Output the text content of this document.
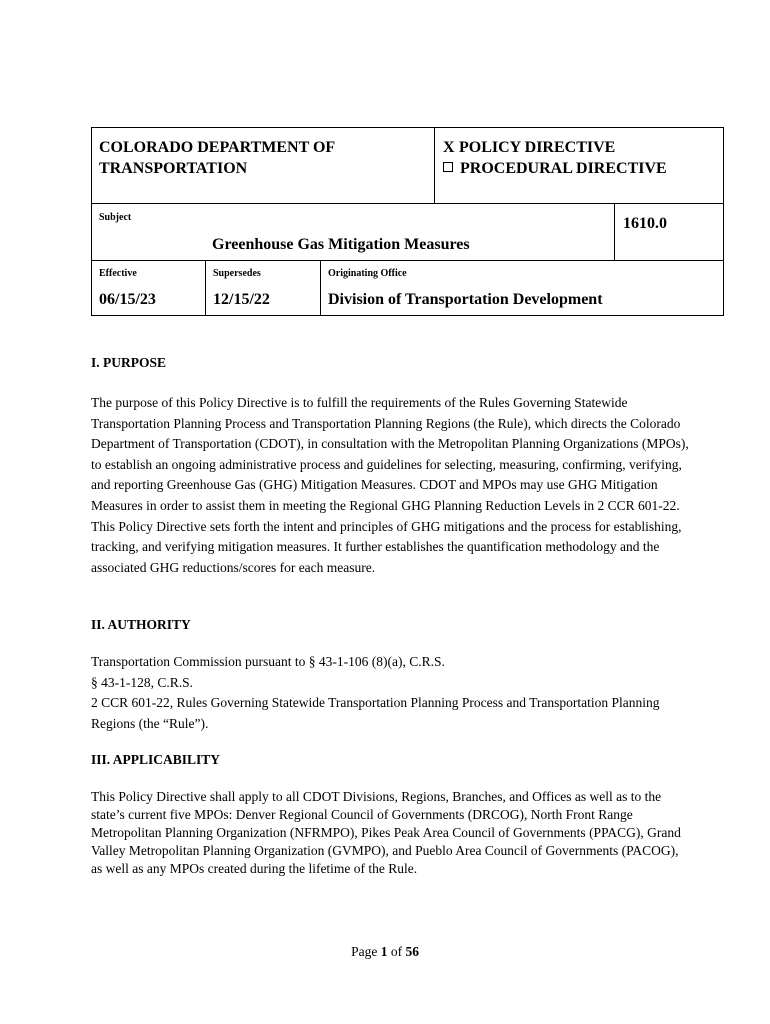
COLORADO DEPARTMENT OF TRANSPORTATION
X POLICY DIRECTIVE
PROCEDURAL DIRECTIVE
Subject
Greenhouse Gas Mitigation Measures
1610.0
Effective
06/15/23
Supersedes
12/15/22
Originating Office
Division of Transportation Development
I. PURPOSE
The purpose of this Policy Directive is to fulfill the requirements of the Rules Governing Statewide Transportation Planning Process and Transportation Planning Regions (the Rule), which directs the Colorado Department of Transportation (CDOT), in consultation with the Metropolitan Planning Organizations (MPOs), to establish an ongoing administrative process and guidelines for selecting, measuring, confirming, verifying, and reporting Greenhouse Gas (GHG) Mitigation Measures. CDOT and MPOs may use GHG Mitigation Measures in order to assist them in meeting the Regional GHG Planning Reduction Levels in 2 CCR 601-22. This Policy Directive sets forth the intent and principles of GHG mitigations and the process for establishing, tracking, and verifying mitigation measures. It further establishes the quantification methodology and the associated GHG reductions/scores for each measure.
II. AUTHORITY
Transportation Commission pursuant to § 43-1-106 (8)(a), C.R.S.
§ 43-1-128, C.R.S.
2 CCR 601-22, Rules Governing Statewide Transportation Planning Process and Transportation Planning Regions (the “Rule”).
III. APPLICABILITY
This Policy Directive shall apply to all CDOT Divisions, Regions, Branches, and Offices as well as to the state’s current five MPOs: Denver Regional Council of Governments (DRCOG), North Front Range Metropolitan Planning Organization (NFRMPO), Pikes Peak Area Council of Governments (PPACG), Grand Valley Metropolitan Planning Organization (GVMPO), and Pueblo Area Council of Governments (PACOG), as well as any MPOs created during the lifetime of the Rule.
Page 1 of 56
